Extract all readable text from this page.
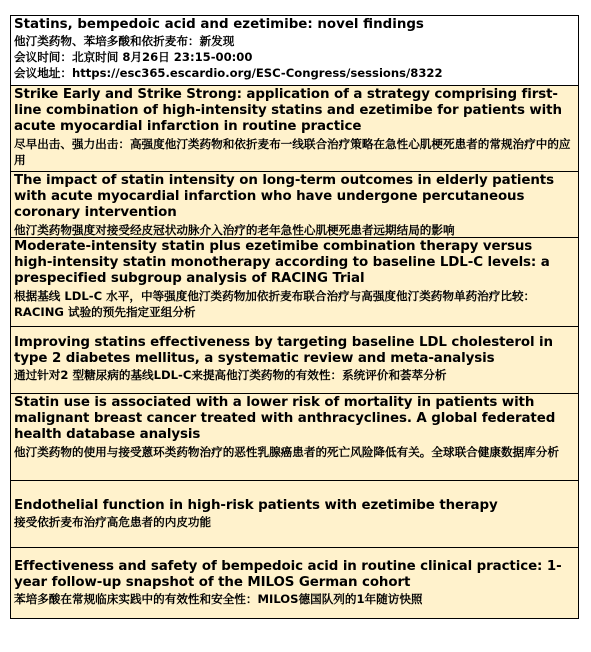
Statins, bempedoic acid and ezetimibe: novel findings
他汀类药物、苯培多酸和依折麦布：新发现
会议时间：北京时间 8月26日 23:15-00:00
会议地址：https://esc365.escardio.org/ESC-Congress/sessions/8322
Strike Early and Strike Strong: application of a strategy comprising first-line combination of high-intensity statins and ezetimibe for patients with acute myocardial infarction in routine practice
尽早出击、强力出击：高强度他汀类药物和依折麦布一线联合治疗策略在急性心肌梗死患者的常规治疗中的应用
The impact of statin intensity on long-term outcomes in elderly patients with acute myocardial infarction who have undergone percutaneous coronary intervention
他汀类药物强度对接受经皮冠状动脉介入治疗的老年急性心肌梗死患者远期结局的影响
Moderate-intensity statin plus ezetimibe combination therapy versus high-intensity statin monotherapy according to baseline LDL-C levels: a prespecified subgroup analysis of RACING Trial
根据基线 LDL-C 水平，中等强度他汀类药物加依折麦布联合治疗与高强度他汀类药物单药治疗比较：RACING 试验的预先指定亚组分析
Improving statins effectiveness by targeting baseline LDL cholesterol in type 2 diabetes mellitus, a systematic review and meta-analysis
通过针对2 型糖尿病的基线LDL-C来提高他汀类药物的有效性：系统评价和荟萃分析
Statin use is associated with a lower risk of mortality in patients with malignant breast cancer treated with anthracyclines. A global federated health database analysis
他汀类药物的使用与接受蒽环类药物治疗的恶性乳腺癌患者的死亡风险降低有关。全球联合健康数据库分析
Endothelial function in high-risk patients with ezetimibe therapy
接受依折麦布治疗高危患者的内皮功能
Effectiveness and safety of bempedoic acid in routine clinical practice: 1-year follow-up snapshot of the MILOS German cohort
苯培多酸在常规临床实践中的有效性和安全性：MILOS德国队列的1年随访快照
